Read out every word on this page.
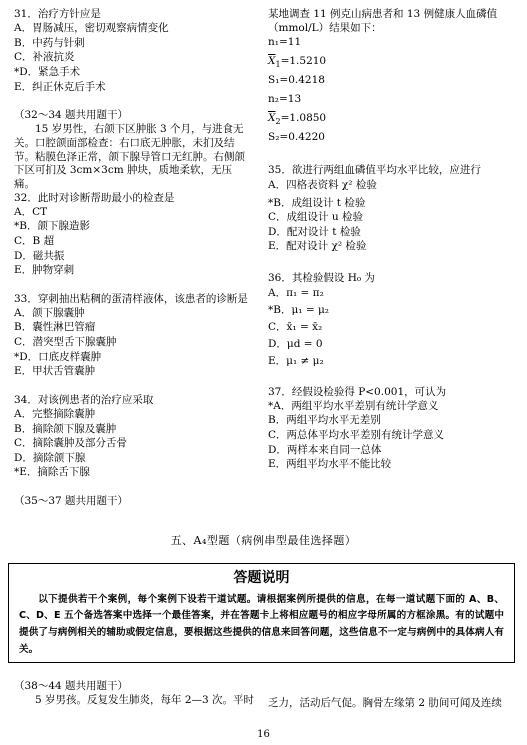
31．治疗方针应是
A．胃肠减压，密切观察病情变化
B．中药与针刺
C．补液抗炎
*D．紧急手术
E．纠正休克后手术
（32～34 题共用题干）

15 岁男性，右颌下区肿胀 3 个月，与进食无关。口腔颌面部检查：右口底无肿胀，未扪及结节。粘膜色泽正常，颌下腺导管口无红肿。右侧颌下区可扪及 3cm×3cm 肿块，质地柔软，无压痛。

32．此时对诊断帮助最小的检查是
A．CT
*B．颌下腺造影
C．B 超
D．磁共振
E．肿物穿刺
33．穿刺抽出粘稠的蛋清样液体，该患者的诊断是
A．颌下腺囊肿
B．囊性淋巴管瘤
C．潜突型舌下腺囊肿
*D．口底皮样囊肿
E．甲状舌管囊肿
34．对该例患者的治疗应采取
A．完整摘除囊肿
B．摘除颌下腺及囊肿
C．摘除囊肿及部分舌骨
D．摘除颌下腺
*E．摘除舌下腺
（35～37 题共用题干）
某地调查 11 例克山病患者和 13 例健康人血磷值
（mmol/L）结果如下：
n₁=11
$\overline{X}_1=1.5210$
S₁=0.4218
n₂=13
$\overline{X}_2=1.0850$
S₂=0.4220
35．欲进行两组血磷值平均水平比较，应进行
A．四格表资料 χ² 检验
*B．成组设计 t 检验
C．成组设计 u 检验
D．配对设计 t 检验
E．配对设计 χ² 检验
36．其检验假设 H₀ 为
A．π₁ = π₂
*B．μ₁ = μ₂
C．x̄₁ = x̄₂
D．μd = 0
E．μ₁ ≠ μ₂
37．经假设检验得 P<0.001，可认为
*A．两组平均水平差别有统计学意义
B．两组平均水平无差别
C．两总体平均水平差别有统计学意义
D．两样本来自同一总体
E．两组平均水平不能比较
五、A₄型题（病例串型最佳选择题）
答题说明
以下提供若干个案例，每个案例下设若干道试题。请根据案例所提供的信息，在每一道试题下面的 A、B、C、D、E 五个备选答案中选择一个最佳答案，并在答题卡上将相应题号的相应字母所属的方框涂黑。有的试题中提供了与病例相关的辅助或假定信息，要根据这些提供的信息来回答问题，这些信息不一定与病例中的具体病人有关。
（38～44 题共用题干）
5 岁男孩。反复发生肺炎，每年 2—3 次。平时 乏力，活动后气促。胸骨左缘第 2 肋间可闻及连续
16
